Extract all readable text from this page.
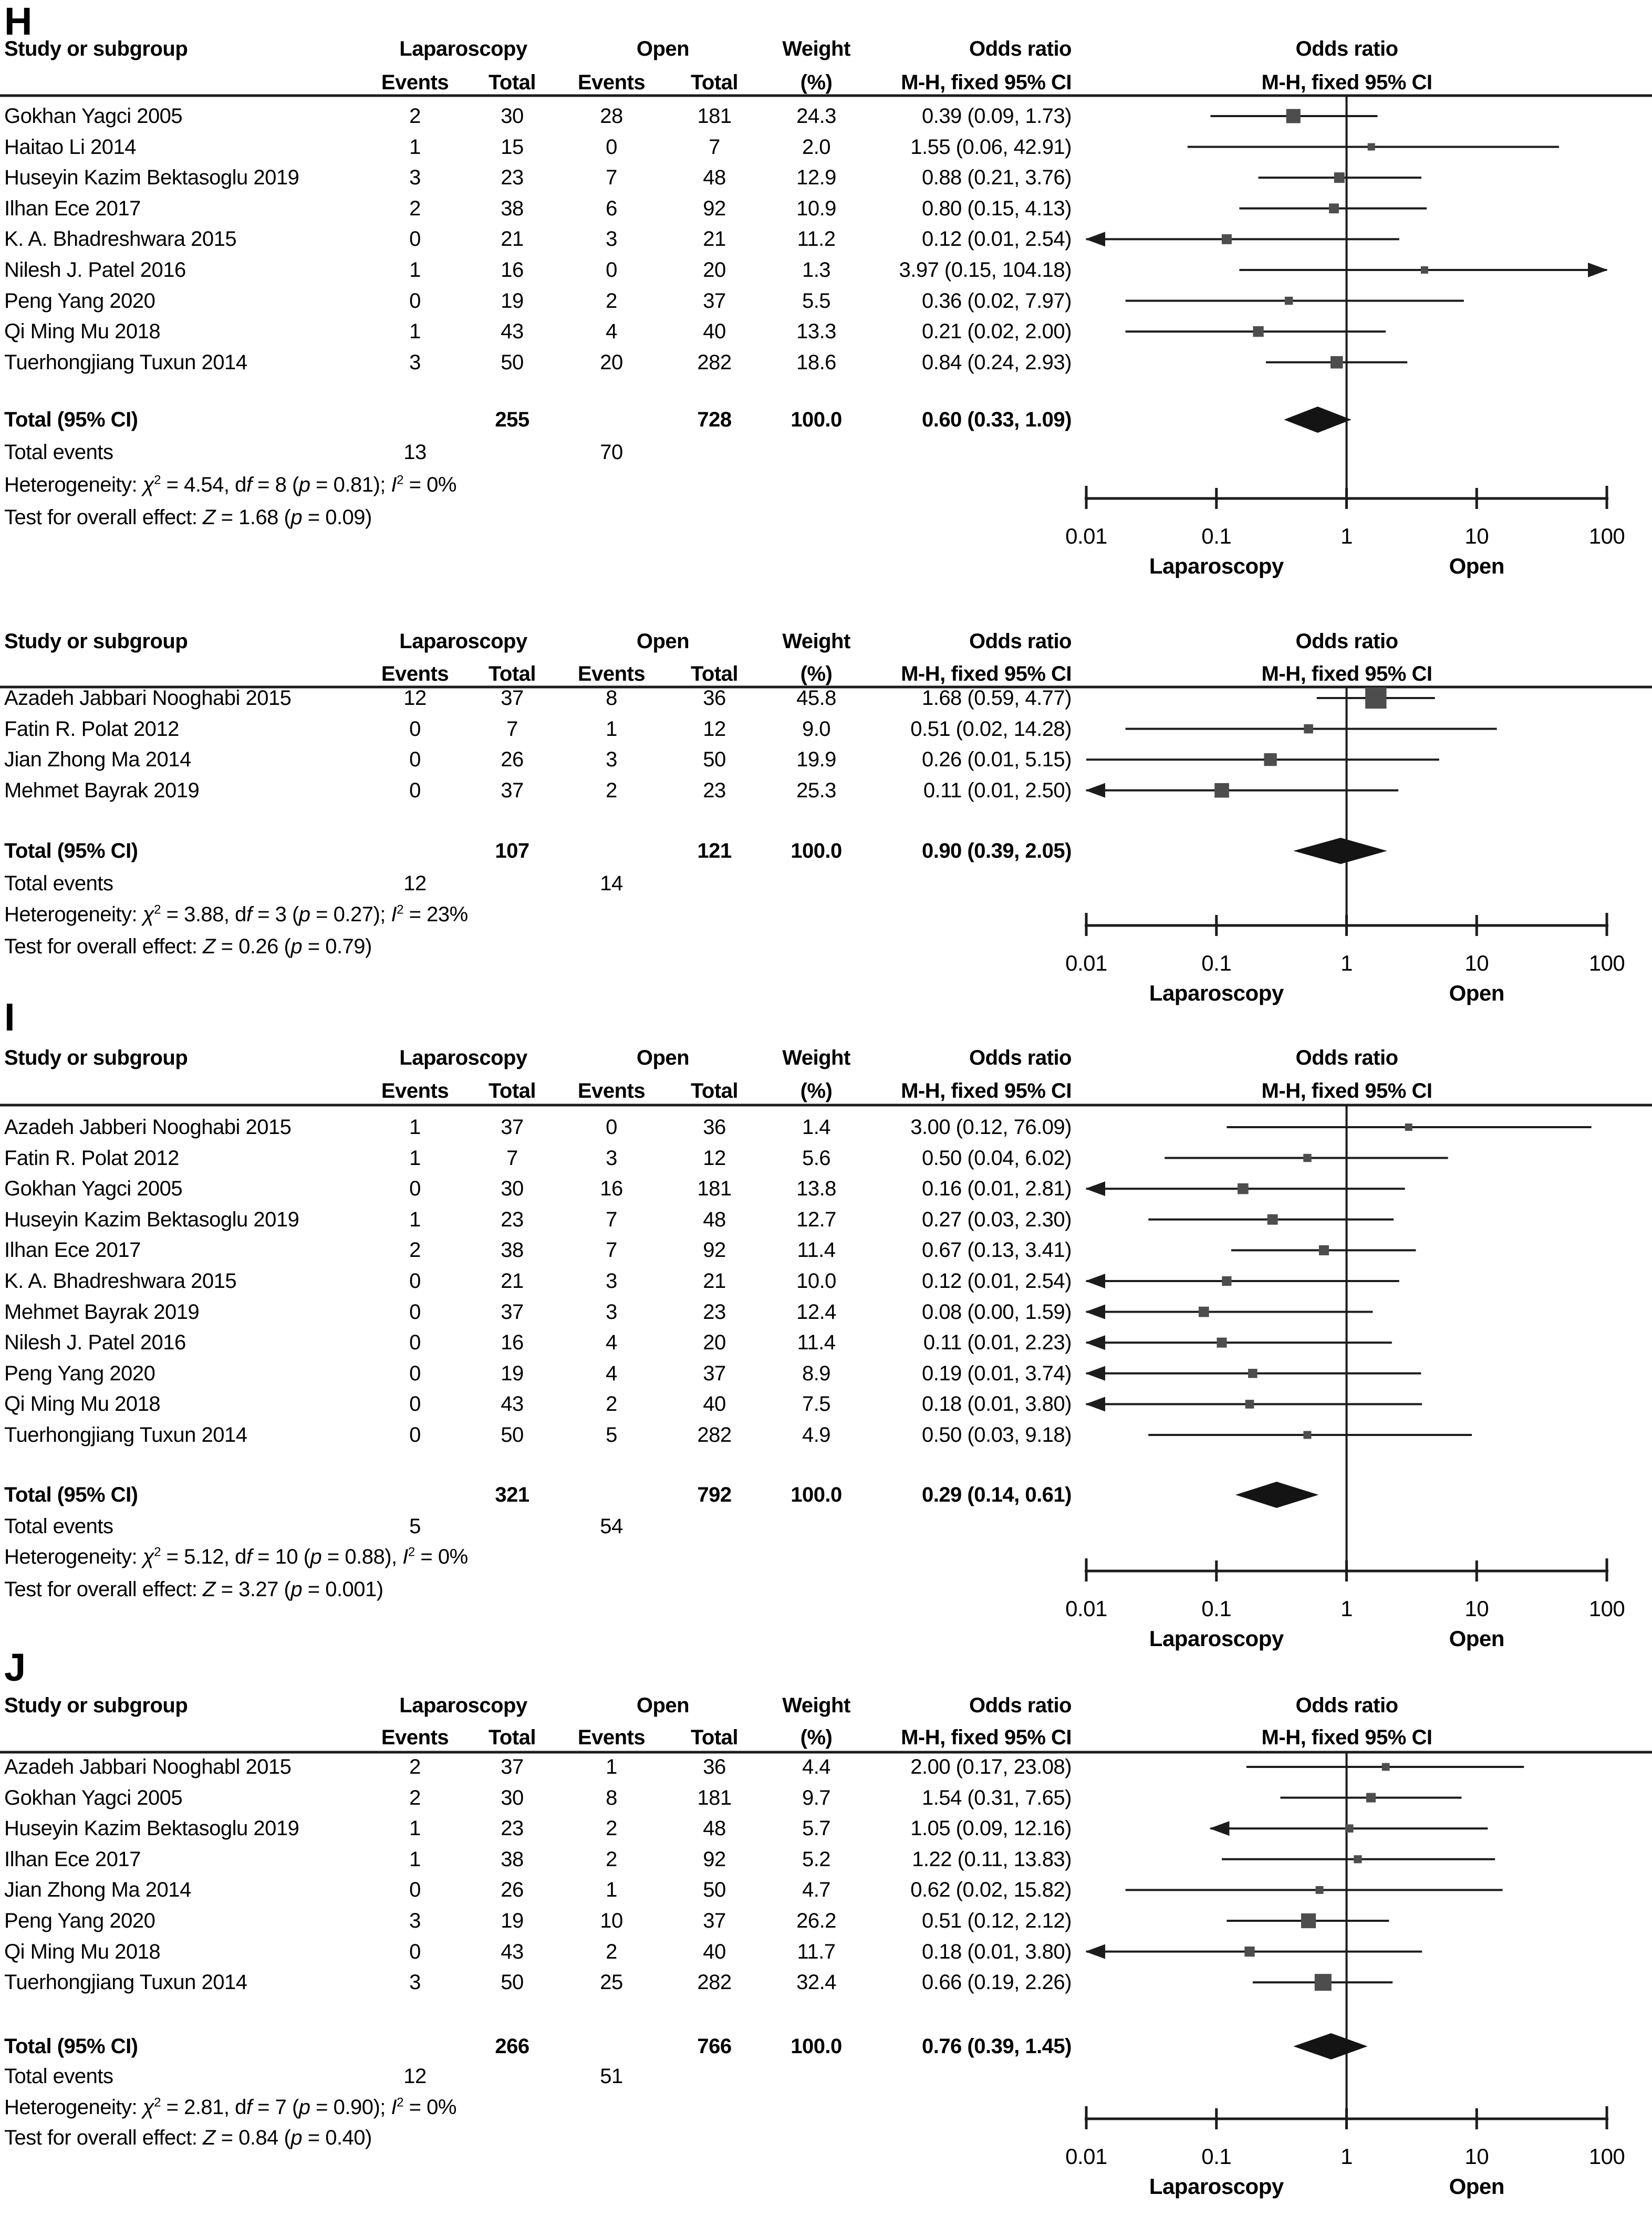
H
Study or subgroup	Laparoscopy	Open	Weight	Odds ratio	Odds ratio
Events Total Events Total	(%)	M-H, fixed 95% CI	M-H, fixed 95% CI
0.01	0.1	1	10	100
Laparoscopy	Open
Gokhan Yagci 2005	2	30	28	181	24.3	0.39 (0.09, 1.73)
Haitao Li 2014	1	15	0	7	2.0	1.55 (0.06, 42.91)
Huseyin Kazim Bektasoglu 2019	3	23	7	48	12.9	0.88 (0.21, 3.76)
Ilhan Ece 2017	2	38	6	92	10.9	0.80 (0.15, 4.13)
K. A. Bhadreshwara 2015	0	21	3	21	11.2	0.12 (0.01, 2.54)
Nilesh J. Patel 2016	1	16	0	20	1.3	3.97 (0.15, 104.18)
Peng Yang 2020	0	19	2	37	5.5	0.36 (0.02, 7.97)
Qi Ming Mu 2018	1	43	4	40	13.3	0.21 (0.02, 2.00)
Tuerhongjiang Tuxun 2014	3	50	20	282	18.6	0.84 (0.24, 2.93)
Total (95% CI)	255	728	100.0	0.60 (0.33, 1.09)
Total events	13	70
Heterogeneity: $\chi^2 = 4.54$, df = 8 (p = 0.81); $I^2 = 0\%$
Test for overall effect: Z = 1.68 (p = 0.09)
Study or subgroup	Laparoscopy	Open	Weight	Odds ratio	Odds ratio
Events Total Events Total	(%)	M-H, fixed 95% CI	M-H, fixed 95% CI
0.01	0.1	1	10	100
Laparoscopy	Open
Azadeh Jabbari Nooghabi 2015	12	37	8	36	45.8	1.68 (0.59, 4.77)
Fatin R. Polat 2012	0	7	1	12	9.0	0.51 (0.02, 14.28)
Jian Zhong Ma 2014	0	26	3	50	19.9	0.26 (0.01, 5.15)
Mehmet Bayrak 2019	0	37	2	23	25.3	0.11 (0.01, 2.50)
Total (95% CI)	107	121	100.0	0.90 (0.39, 2.05)
Total events	12	14
Heterogeneity: $\chi^2 = 3.88$, df = 3 (p = 0.27); $I^2 = 23\%$
Test for overall effect: Z = 0.26 (p = 0.79)
I
Study or subgroup	Laparoscopy	Open	Weight	Odds ratio	Odds ratio
Events Total Events Total	(%)	M-H, fixed 95% CI	M-H, fixed 95% CI
0.01	0.1	1	10	100
Laparoscopy	Open
Azadeh Jabberi Nooghabi 2015	1	37	0	36	1.4	3.00 (0.12, 76.09)
Fatin R. Polat 2012	1	7	3	12	5.6	0.50 (0.04, 6.02)
Gokhan Yagci 2005	0	30	16	181	13.8	0.16 (0.01, 2.81)
Huseyin Kazim Bektasoglu 2019	1	23	7	48	12.7	0.27 (0.03, 2.30)
Ilhan Ece 2017	2	38	7	92	11.4	0.67 (0.13, 3.41)
K. A. Bhadreshwara 2015	0	21	3	21	10.0	0.12 (0.01, 2.54)
Mehmet Bayrak 2019	0	37	3	23	12.4	0.08 (0.00, 1.59)
Nilesh J. Patel 2016	0	16	4	20	11.4	0.11 (0.01, 2.23)
Peng Yang 2020	0	19	4	37	8.9	0.19 (0.01, 3.74)
Qi Ming Mu 2018	0	43	2	40	7.5	0.18 (0.01, 3.80)
Tuerhongjiang Tuxun 2014	0	50	5	282	4.9	0.50 (0.03, 9.18)
Total (95% CI)	321	792	100.0	0.29 (0.14, 0.61)
Total events	5	54
Heterogeneity: $\chi^2 = 5.12$, df = 10 (p = 0.88), $I^2 = 0\%$
Test for overall effect: Z = 3.27 (p = 0.001)
J
Study or subgroup	Laparoscopy	Open	Weight	Odds ratio	Odds ratio
Events Total Events Total	(%)	M-H, fixed 95% CI	M-H, fixed 95% CI
0.01	0.1	1	10	100
Laparoscopy	Open
Azadeh Jabbari Nooghabl 2015	2	37	1	36	4.4	2.00 (0.17, 23.08)
Gokhan Yagci 2005	2	30	8	181	9.7	1.54 (0.31, 7.65)
Huseyin Kazim Bektasoglu 2019	1	23	2	48	5.7	1.05 (0.09, 12.16)
Ilhan Ece 2017	1	38	2	92	5.2	1.22 (0.11, 13.83)
Jian Zhong Ma 2014	0	26	1	50	4.7	0.62 (0.02, 15.82)
Peng Yang 2020	3	19	10	37	26.2	0.51 (0.12, 2.12)
Qi Ming Mu 2018	0	43	2	40	11.7	0.18 (0.01, 3.80)
Tuerhongjiang Tuxun 2014	3	50	25	282	32.4	0.66 (0.19, 2.26)
Total (95% CI)	266	766	100.0	0.76 (0.39, 1.45)
Total events	12	51
Heterogeneity: $\chi^2 = 2.81$, df = 7 (p = 0.90); $I^2 = 0\%$
Test for overall effect: Z = 0.84 (p = 0.40)
